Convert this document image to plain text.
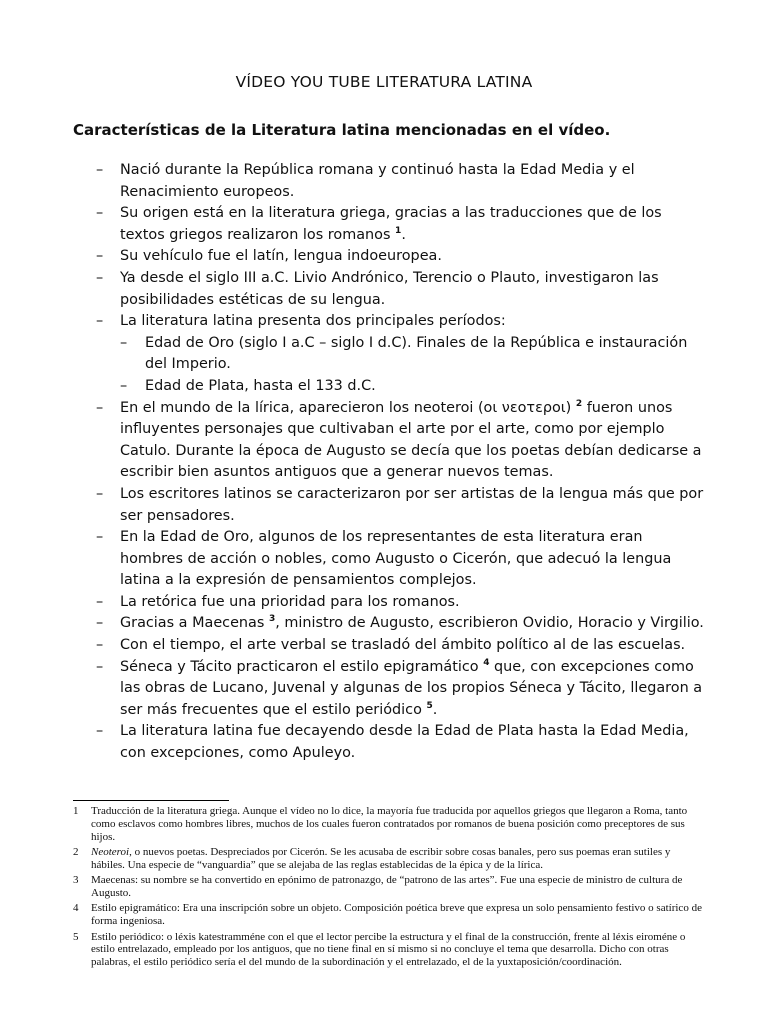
VÍDEO YOU TUBE LITERATURA LATINA
Características de la Literatura latina mencionadas en el vídeo.
– Nació durante la República romana y continuó hasta la Edad Media y el Renacimiento europeos.
– Su origen está en la literatura griega, gracias a las traducciones que de los textos griegos realizaron los romanos $^1$.
– Su vehículo fue el latín, lengua indoeuropea.
– Ya desde el siglo III a.C. Livio Andrónico, Terencio o Plauto, investigaron las posibilidades estéticas de su lengua.
– La literatura latina presenta dos principales períodos:
– Edad de Oro (siglo I a.C – siglo I d.C). Finales de la República e instauración del Imperio.
– Edad de Plata, hasta el 133 d.C.
– En el mundo de la lírica, aparecieron los neoteroi (οι νεοτεροι) $^2$ fueron unos influyentes personajes que cultivaban el arte por el arte, como por ejemplo Catulo. Durante la época de Augusto se decía que los poetas debían dedicarse a escribir bien asuntos antiguos que a generar nuevos temas.
– Los escritores latinos se caracterizaron por ser artistas de la lengua más que por ser pensadores.
– En la Edad de Oro, algunos de los representantes de esta literatura eran hombres de acción o nobles, como Augusto o Cicerón, que adecuó la lengua latina a la expresión de pensamientos complejos.
– La retórica fue una prioridad para los romanos.
– Gracias a Maecenas $^3$, ministro de Augusto, escribieron Ovidio, Horacio y Virgilio.
– Con el tiempo, el arte verbal se trasladó del ámbito político al de las escuelas.
– Séneca y Tácito practicaron el estilo epigramático $^4$ que, con excepciones como las obras de Lucano, Juvenal y algunas de los propios Séneca y Tácito, llegaron a ser más frecuentes que el estilo periódico $^5$.
– La literatura latina fue decayendo desde la Edad de Plata hasta la Edad Media, con excepciones, como Apuleyo.
1 Traducción de la literatura griega. Aunque el vídeo no lo dice, la mayoría fue traducida por aquellos griegos que llegaron a Roma, tanto como esclavos como hombres libres, muchos de los cuales fueron contratados por romanos de buena posición como preceptores de sus hijos.
2 Neoteroi, o nuevos poetas. Despreciados por Cicerón. Se les acusaba de escribir sobre cosas banales, pero sus poemas eran sutiles y hábiles. Una especie de “vanguardia” que se alejaba de las reglas establecidas de la épica y de la lírica.
3 Maecenas: su nombre se ha convertido en epónimo de patronazgo, de “patrono de las artes”. Fue una especie de ministro de cultura de Augusto.
4 Estilo epigramático: Era una inscripción sobre un objeto. Composición poética breve que expresa un solo pensamiento festivo o satírico de forma ingeniosa.
5 Estilo periódico: o léxis katestramméne con el que el lector percibe la estructura y el final de la construcción, frente al léxis eiroméne o estilo entrelazado, empleado por los antiguos, que no tiene final en sí mismo si no concluye el tema que desarrolla. Dicho con otras palabras, el estilo periódico sería el del mundo de la subordinación y el entrelazado, el de la yuxtaposición/coordinación.
